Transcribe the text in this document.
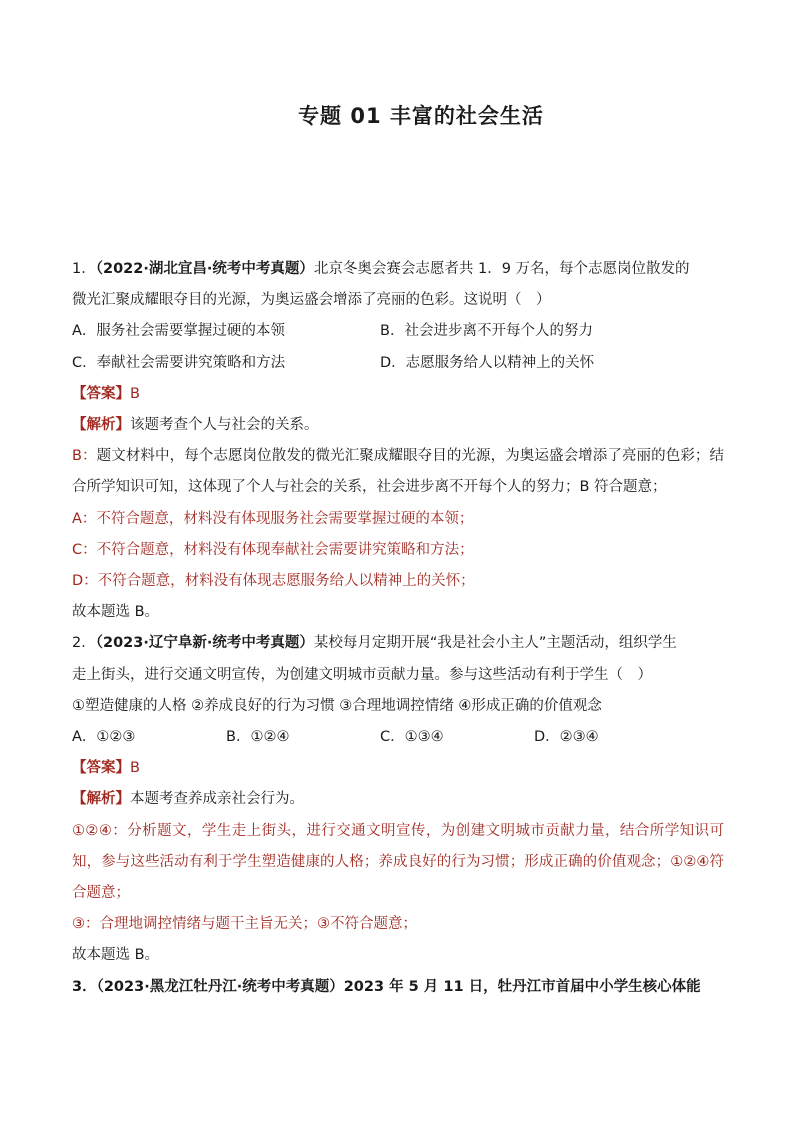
专题 01 丰富的社会生活
1．（2022·湖北宜昌·统考中考真题）北京冬奥会赛会志愿者共 1．9 万名，每个志愿岗位散发的
微光汇聚成耀眼夺目的光源，为奥运盛会增添了亮丽的色彩。这说明（　）
A．服务社会需要掌握过硬的本领	B．社会进步离不开每个人的努力
C．奉献社会需要讲究策略和方法	D．志愿服务给人以精神上的关怀
【答案】B
【解析】该题考查个人与社会的关系。
B：题文材料中，每个志愿岗位散发的微光汇聚成耀眼夺目的光源，为奥运盛会增添了亮丽的色彩；结合所学知识可知，这体现了个人与社会的关系，社会进步离不开每个人的努力；B 符合题意；
A：不符合题意，材料没有体现服务社会需要掌握过硬的本领；
C：不符合题意，材料没有体现奉献社会需要讲究策略和方法；
D：不符合题意，材料没有体现志愿服务给人以精神上的关怀；
故本题选 B。
2．（2023·辽宁阜新·统考中考真题）某校每月定期开展“我是社会小主人”主题活动，组织学生
走上街头，进行交通文明宣传，为创建文明城市贡献力量。参与这些活动有利于学生（　）
①塑造健康的人格 ②养成良好的行为习惯 ③合理地调控情绪 ④形成正确的价值观念
A．①②③	B．①②④	C．①③④	D．②③④
【答案】B
【解析】本题考查养成亲社会行为。
①②④：分析题文，学生走上街头，进行交通文明宣传，为创建文明城市贡献力量，结合所学知识可知，参与这些活动有利于学生塑造健康的人格；养成良好的行为习惯；形成正确的价值观念；①②④符合题意；
③：合理地调控情绪与题干主旨无关；③不符合题意；
故本题选 B。
3．（2023·黑龙江牡丹江·统考中考真题）2023 年 5 月 11 日，牡丹江市首届中小学生核心体能
